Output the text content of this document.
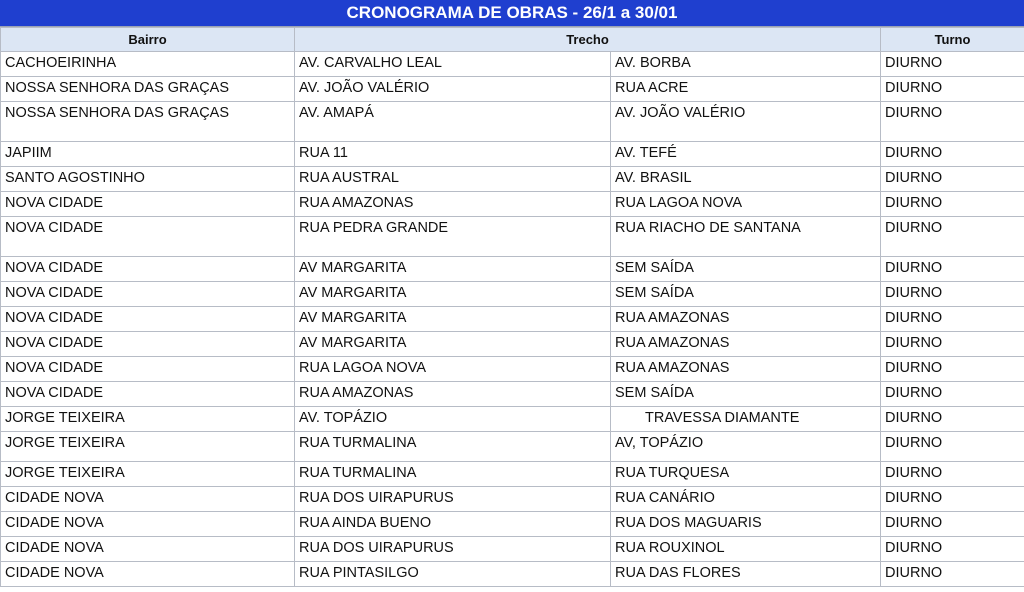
CRONOGRAMA DE OBRAS - 26/1 a 30/01
Bairro	Trecho		Turno
CACHOEIRINHA	AV. CARVALHO LEAL	AV. BORBA	DIURNO
NOSSA SENHORA DAS GRAÇAS	AV. JOÃO VALÉRIO	RUA ACRE	DIURNO
NOSSA SENHORA DAS GRAÇAS	AV. AMAPÁ	AV. JOÃO VALÉRIO	DIURNO
JAPIIM	RUA 11	AV. TEFÉ	DIURNO
SANTO AGOSTINHO	RUA AUSTRAL	AV. BRASIL	DIURNO
NOVA CIDADE	RUA AMAZONAS	RUA LAGOA NOVA	DIURNO
NOVA CIDADE	RUA PEDRA GRANDE	RUA RIACHO DE SANTANA	DIURNO
NOVA CIDADE	AV MARGARITA	SEM SAÍDA	DIURNO
NOVA CIDADE	AV MARGARITA	SEM SAÍDA	DIURNO
NOVA CIDADE	AV MARGARITA	RUA AMAZONAS	DIURNO
NOVA CIDADE	AV MARGARITA	RUA AMAZONAS	DIURNO
NOVA CIDADE	RUA LAGOA NOVA	RUA AMAZONAS	DIURNO
NOVA CIDADE	RUA AMAZONAS	SEM SAÍDA	DIURNO
JORGE TEIXEIRA	AV. TOPÁZIO	TRAVESSA DIAMANTE	DIURNO
JORGE TEIXEIRA	RUA TURMALINA	AV, TOPÁZIO	DIURNO
JORGE TEIXEIRA	RUA TURMALINA	RUA TURQUESA	DIURNO
CIDADE NOVA	RUA DOS UIRAPURUS	RUA CANÁRIO	DIURNO
CIDADE NOVA	RUA AINDA BUENO	RUA DOS MAGUARIS	DIURNO
CIDADE NOVA	RUA DOS UIRAPURUS	RUA ROUXINOL	DIURNO
CIDADE NOVA	RUA PINTASILGO	RUA DAS FLORES	DIURNO
